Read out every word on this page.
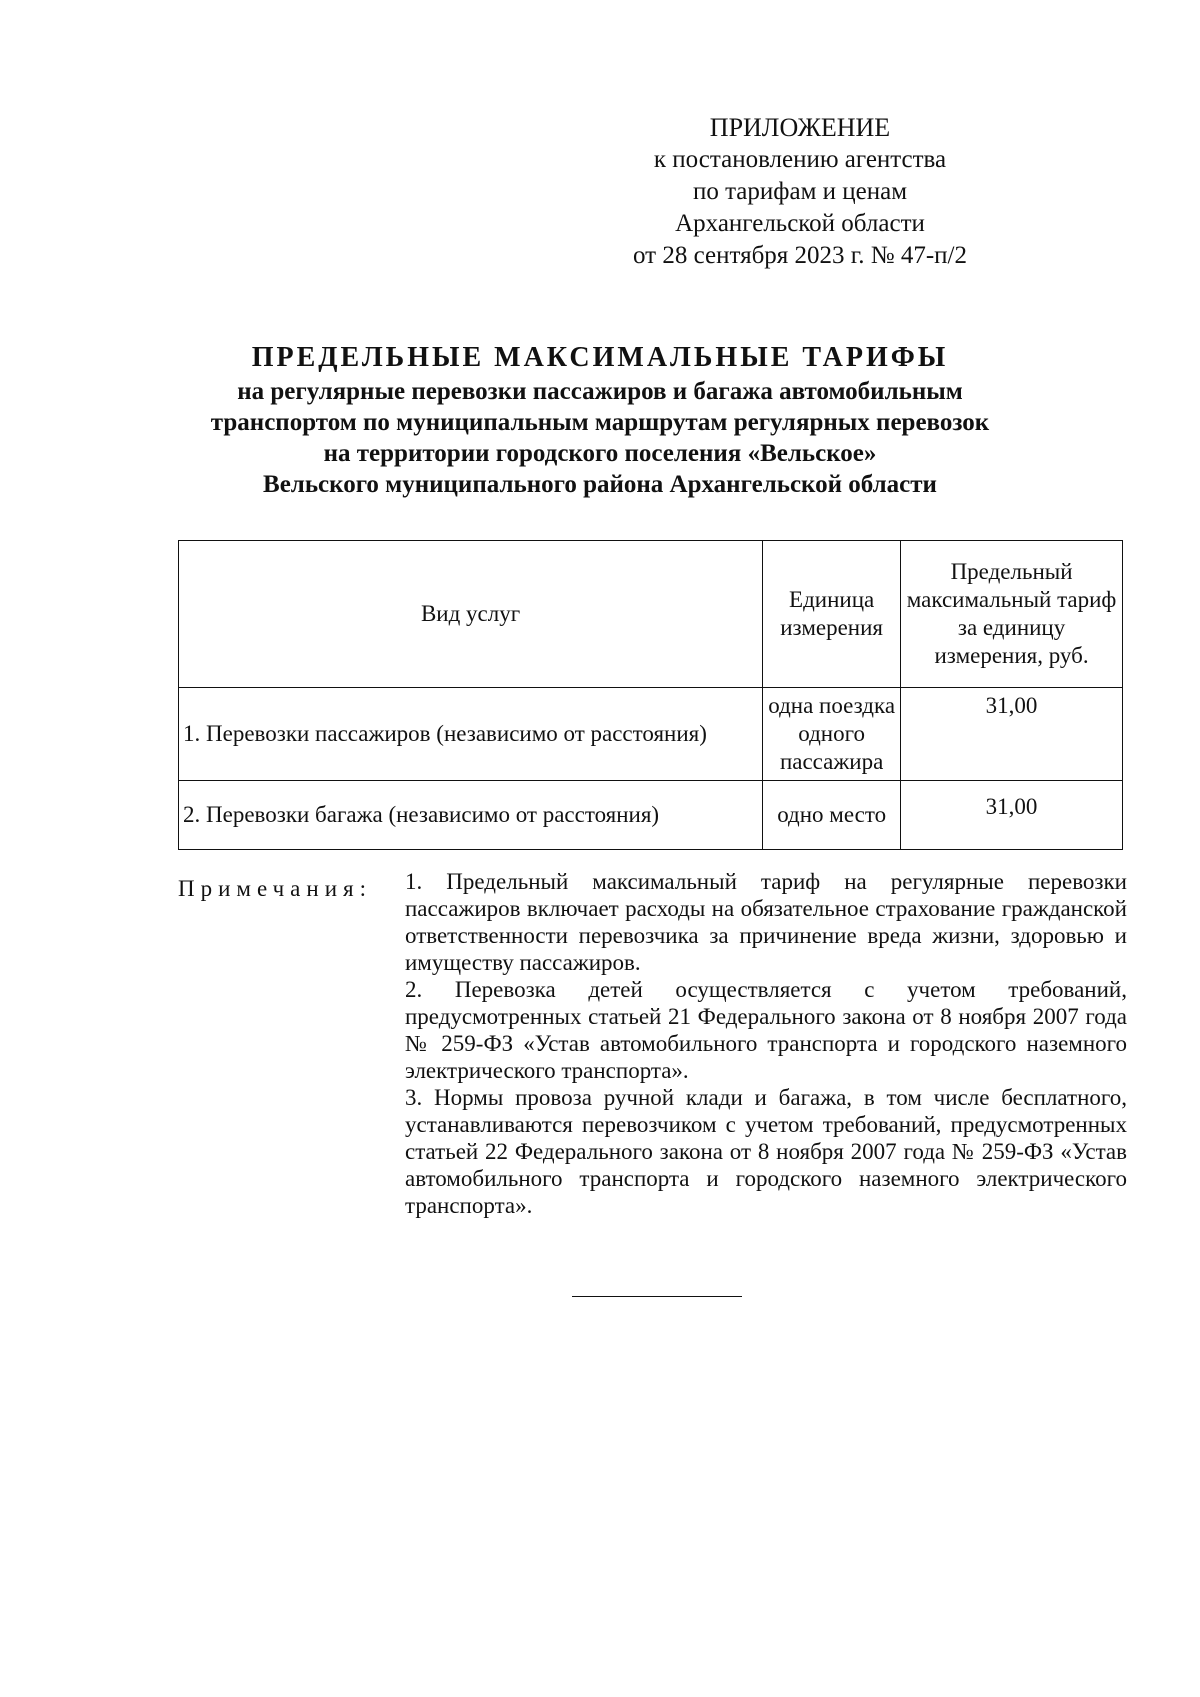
ПРИЛОЖЕНИЕ
к постановлению агентства
по тарифам и ценам
Архангельской области
от 28 сентября 2023 г. № 47-п/2
ПРЕДЕЛЬНЫЕ МАКСИМАЛЬНЫЕ ТАРИФЫ
на регулярные перевозки пассажиров и багажа автомобильным
транспортом по муниципальным маршрутам регулярных перевозок
на территории городского поселения «Вельское»
Вельского муниципального района Архангельской области
Вид услуг	Единица измерения	Предельный максимальный тариф за единицу измерения, руб.
1. Перевозки пассажиров (независимо от расстояния)	одна поездка одного пассажира	31,00
2. Перевозки багажа (независимо от расстояния)	одно место	31,00
Примечания: 1. Предельный максимальный тариф на регулярные перевозки пассажиров включает расходы на обязательное страхование гражданской ответственности перевозчика за причинение вреда жизни, здоровью и имуществу пассажиров.

2. Перевозка детей осуществляется с учетом требований, предусмотренных статьей 21 Федерального закона от 8 ноября 2007 года № 259-ФЗ «Устав автомобильного транспорта и городского наземного электрического транспорта».

3. Нормы провоза ручной клади и багажа, в том числе бесплатного, устанавливаются перевозчиком с учетом требований, предусмотренных статьей 22 Федерального закона от 8 ноября 2007 года № 259-ФЗ «Устав автомобильного транспорта и городского наземного электрического транспорта».
